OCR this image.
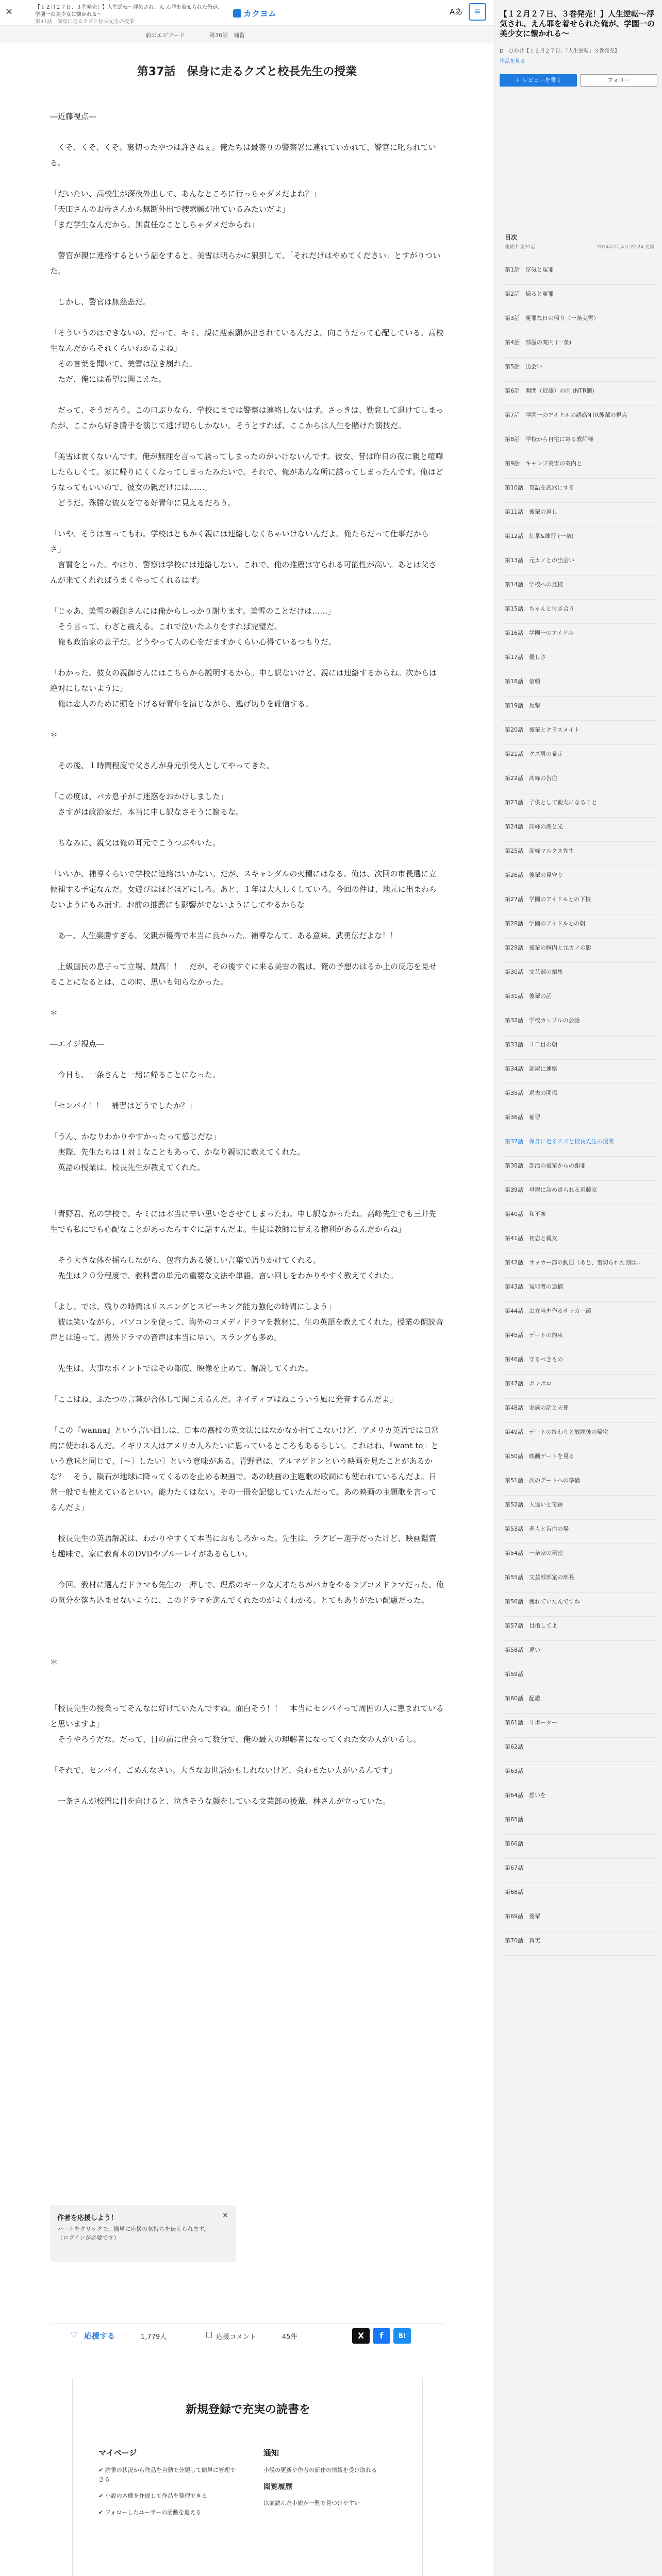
×	【１２月２７日、３巻発売！】人生逆転～浮気され、え ん罪を着せられた俺が、学園一の美少女に懐かれる～
第37話　保身に走るクズと校長先生の授業
カクヨム	Aあ	≡
前のエピソード	第36話　補習
第37話　保身に走るクズと校長先生の授業
―近藤視点―

　くそ、くそ、くそ。裏切ったやつは許さねぇ。俺たちは最寄りの警察署に連れていかれて、警官に叱られている。

「だいたい、高校生が深夜外出して、あんなところに行っちゃダメだよね？」
「天田さんのお母さんから無断外出で捜索願が出ているみたいだよ」
「まだ学生なんだから、無責任なことしちゃダメだからね」

　警官が親に連絡するという話をすると、美雪は明らかに狼狽して、「それだけはやめてください」とすがりついた。

　しかし、警官は無慈悲だ。

「そういうのはできないの。だって、キミ、親に捜索願が出されているんだよ。向こうだって心配している。高校生なんだからそれくらいわかるよね」
　その言葉を聞いて、美雪は泣き崩れた。
　ただ、俺には希望に聞こえた。

　だって、そうだろう。この口ぶりなら、学校にまでは警察は連絡しないはず。さっきは、勤怠して退けてしまったが、ここから好き勝手を演じて逃げ切らしかない。そうとすれば、ここからは人生を賭けた演技だ。

「美雪は責くないんです。俺が無理を言って誘ってしまったのがいけないんです。彼女、昔は昨日の夜に親と喧嘩したらしくて。家に帰りにくくなってしまったみたいで。それで、俺があんな所に誘ってしまったんです。俺はどうなってもいいので、彼女の親だけには……」
　どうだ。殊勝な彼女を守る好青年に見えるだろう。

「いや、そうは言ってもね。学校はともかく親には連絡しなくちゃいけないんだよ。俺たちだって仕事だからさ」
　言質をとった。やはり、警察は学校には連絡しない。これで、俺の推薦は守られる可能性が高い。あとは父さんが来てくれればうまくやってくれるはず。

「じゃあ、美雪の親御さんには俺からしっかり謝ります。美雪のことだけは……」
　そう言って、わざと震える。これで泣いたふりをすれば完璧だ。
　俺も政治家の息子だ。どうやって人の心をだますかくらい心得ているつもりだ。

「わかった。彼女の親御さんにはこちらから説明するから。申し訳ないけど、親には連絡するからね。次からは絶対にしないように」
　俺は恋人のために頭を下げる好青年を演じながら、逃げ切りを確信する。

＊

　その後、１時間程度で父さんが身元引受人としてやってきた。

「この度は、バカ息子がご迷惑をおかけしました」
　さすがは政治家だ。本当に申し訳なさそうに謝るな。

　ちなみに、親父は俺の耳元でこうつぶやいた。

「いいか、補導くらいで学校に連絡はいかない。だが、スキャンダルの火種にはなる。俺は、次回の市長選に立候補する予定なんだ。女遊びはほどほどにしろ。あと、１年は大人しくしていろ。今回の件は、地元に出まわらないようにもみ消す。お前の推薦にも影響がでないようにしてやるからな」

　あー、人生楽勝すぎる。父親が優秀で本当に良かった。補導なんて、ある意味、武勇伝だよな！！

　上級国民の息子って立場、最高！！　だが、その後すぐに来る美雪の親は、俺の予想のはるか上の反応を見せることになるとは、この時、思いも知らなかった。

＊

―エイジ視点―

　今日も、一条さんと一緒に帰ることになった。

「センパイ！！　補習はどうでしたか？」

「うん、かなりわかりやすかったって感じだな」
　実際、先生たちは１対１なこともあって、かなり親切に教えてくれた。
　英語の授業は、校長先生が教えてくれた。

「青野君、私の学校で、キミには本当に辛い思いをさせてしまったね。申し訳なかったね。高峰先生でも三井先生でも私にでも心配なことがあったらすぐに話すんだよ。生徒は教師に甘える権利があるんだからね」

　そう大きな体を揺らしながら、包容力ある優しい言葉で語りかけてくれる。
　先生は２０分程度で、教科書の単元の重要な文法や単語、言い回しをわかりやすく教えてくれた。

「よし。では、残りの時間はリスニングとスピーキング能力強化の時間にしよう」
　彼は笑いながら、パソコンを使って、海外のコメディドラマを教材に、生の英語を教えてくれた。授業の朗読音声とは違って、海外ドラマの音声は本当に早い。スラングも多め。

　先生は、大事なポイントではその都度、映像を止めて、解説してくれた。

「ここはね、ふたつの言葉が合体して聞こえるんだ。ネイティブはねこういう風に発音するんだよ」

「この『wanna』という言い回しは、日本の高校の英文法にはなかなか出てこないけど、アメリカ英語では日常的に使われるんだ。イギリス人はアメリカ人みたいに思っているところもあるらしい。これはね、『want to』という意味と同じで、〔～〕したい〕という意味がある。青野君は、アルマゲドンという映画を見たことがあるかな？　そう、隕石が地球に降ってくるのを止める映画で。あの映画の主題歌の歌詞にも使われているんだよ。日常一般でも使えているといい。能力たくはない。その一冊を記憶していたんだって。あの映画の主題歌を言ってるんだよ」

　校長先生の英語解説は、わかりやすくて本当におもしろかった。先生は、ラグビー選手だったけど、映画鑑賞も趣味で、家に教育本のDVDやブルーレイがあるらしい。

　今回、教材に選んだドラマも先生の一押しで、理系のギークな天才たちがパカをやるラブコメドラマだった。俺の気分を落ち込ませないように、このドラマを選んでくれたのがよくわかる。とてもありがたい配慮だった。

＊

「校長先生の授業ってそんなに好けていたんですね。面白そう！！　本当にセンパイって周囲の人に恵まれていると思いますよ」
　そうやろうだな。だって、目の前に出会って数分で、俺の最大の理解者になってくれた女の人がいるし。

「それで、センパイ、ごめんなさい。大きなお世話かもしれないけど、会わせたい人がいるんです」

　一条さんが校門に目を向けると、泣きそうな顔をしている文芸部の後輩、林さんが立っていた。
作者を応援しよう！	×
ハートをクリックで、簡単に応援の気持ちを伝えられます。（ログインが必要です）
♡ 応援する	1,779人	□ 応援コメント	45件	X	f	B!
新規登録で充実の読書を
マイページ
✔ 読書の状況から作品を自動で分類して簡単に管理できる
✔ 小説の本棚を作成して作品を整理できる
✔ フォローしたユーザーの活動を追える
通知
小説の更新や作者の新作の情報を受け取れる
閲覧履歴
以前読んだ小説が一覧で見つけやすい
【１２月２７日、３巻発売！】人生逆転～浮気され、えん罪を着せられた俺が、学園一の美少女に懐かれる～
D　ひかけ【１２月２７日、『人生逆転』３巻発売】
作品を見る
＋ レビューを書く	フォロー
目次
連載中 全37話	2024年1月4日 22:24 更新
第1話　浮気と冤罪
第2話　帰ると冤罪
第3話　冤罪な日の帰り（一条美雪）
第4話　部屋の案内 (一条)
第5話　出会い
第6話　開閉（近藤）の雨 (NTR側)
第7話　学園一のアイドルの誘惑NTR後輩の視点
第8話　学校から自宅に寄る教師様
第9話　キャンプ美雪の案内と
第10話　英語を武器にする
第11話　後輩の返し
第12話　紅茶&練習 (一条)
第13話　元カノとの出会い
第14話　学校への登校
第15話　ちゃんと付き合う
第16話　学園一のアイドル
第17話　優しさ
第18話　信頼
第19話　反撃
第20話　後輩とクラスメイト
第21話　クズ男の暴走
第22話　高峰の告白
第23話　子供として親友になること
第24話　高峰の涙と光
第25話　高峰マルクス先生
第26話　後輩の見守り
第27話　学園のアイドルとの下校
第28話　学園のアイドルとの朝
第29話　後輩の胸内と元カノの影
第30話　文芸部の編集
第31話　後輩の話
第32話　学校カップルの会話
第33話　３日目の朝
第34話　部屋に連絡
第35話　過去の関係
第36話　補習
第37話　保身に走るクズと校長先生の授業
第38話　部活の後輩からの謝罪
第39話　母親に詰め寄られる近藤家
第40話　和平案
第41話　初恋と親友
第42話　サッカー部の動揺（あと、裏切られた側は…
第43話　冤罪者の逮捕
第44話　お弁当を作るサッカー部
第45話　デートの約束
第46話　守るべきもの
第47話　ポンポロ
第48話　家族の話と天使
第49話　デートの終わりと放課後の帰宅
第50話　映画デートを見る
第51話　次のデートへの準備
第52話　人違いと奇跡
第53話　老人と告白の場
第54話　一条家の秘密
第55話　文芸部部室の部長
第56話　疲れていたんですね
第57話　目指してよ
第58話　違い
第59話　
第60話　配慮
第61話　リポーター
第62話　
第63話　
第64話　想いを
第65話　
第66話　
第67話　
第68話　
第69話　後輩
第70話　真実
